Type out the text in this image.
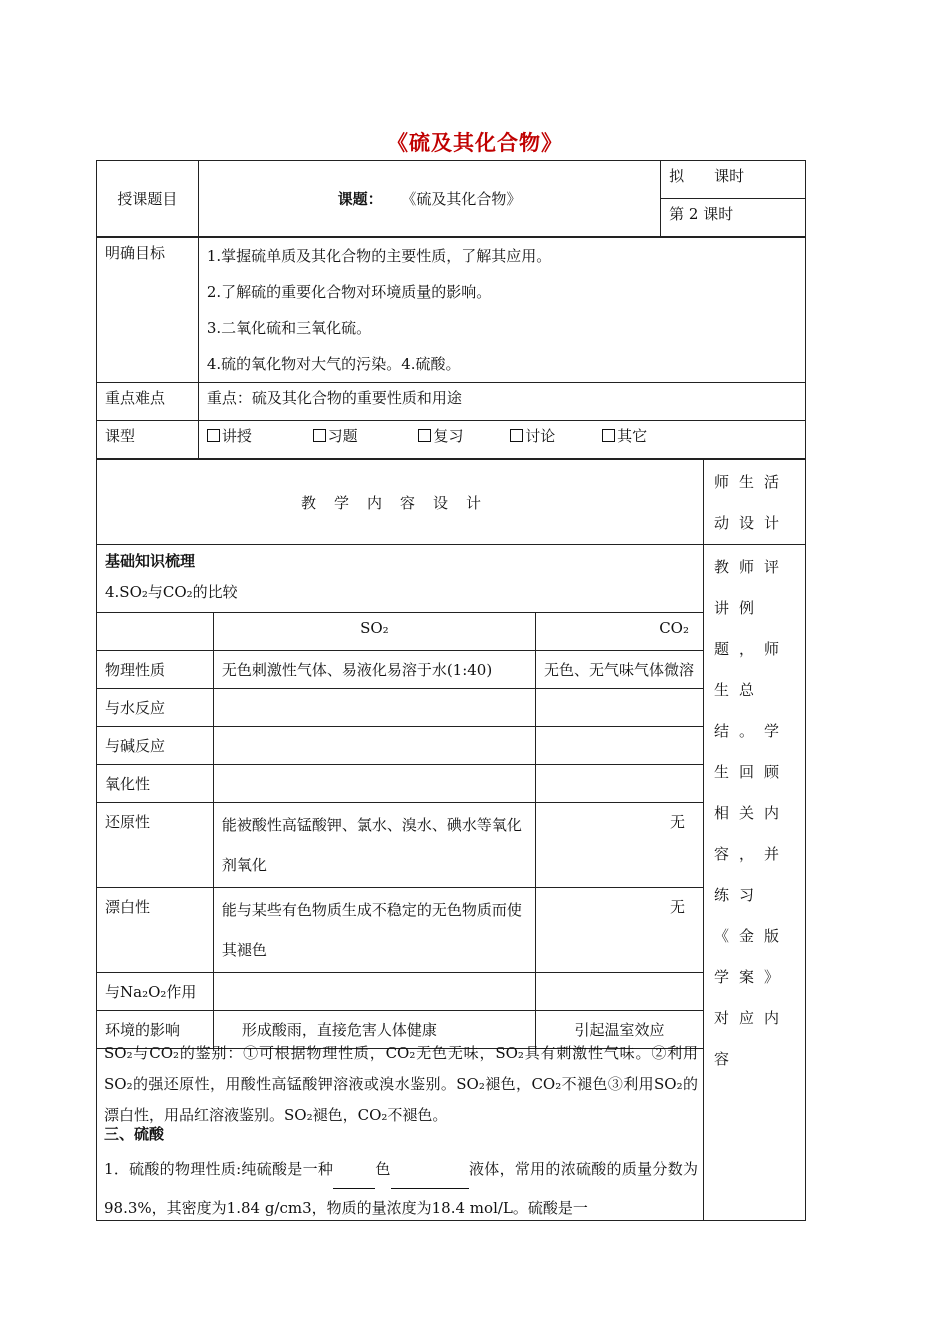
《硫及其化合物》
授课题目	课题： 《硫及其化合物》	拟　　课时
第 2 课时
明确目标	1.掌握硫单质及其化合物的主要性质，了解其应用。
2.了解硫的重要化合物对环境质量的影响。
3.二氧化硫和三氧化硫。
4.硫的氧化物对大气的污染。4.硫酸。

重点难点	重点：硫及其化合物的重要性质和用途
课型	讲授 习题 复习 讨论 其它
教学内容设计	师生活动设计

基础知识梳理
4.SO₂与CO₂的比较	教师评讲例题，师生总结。学生回顾相关内容，并练习《金版学案》对应内容
	SO₂	CO₂
物理性质	无色刺激性气体、易液化易溶于水(1:40)	无色、无气味气体微溶
与水反应		
与碱反应		
氧化性		
还原性	能被酸性高锰酸钾、氯水、溴水、碘水等氧化剂氧化	无
漂白性	能与某些有色物质生成不稳定的无色物质而使其褪色	无
与Na₂O₂作用		
环境的影响	形成酸雨，直接危害人体健康	引起温室效应
SO₂与CO₂的鉴别：①可根据物理性质，CO₂无色无味，SO₂具有刺激性气味。②利用SO₂的强还原性，用酸性高锰酸钾溶液或溴水鉴别。SO₂褪色，CO₂不褪色③利用SO₂的漂白性，用品红溶液鉴别。SO₂褪色，CO₂不褪色。
三、硫酸
1．硫酸的物理性质:纯硫酸是一种	色	液体，常用的浓硫酸的质量分数为98.3%，其密度为1.84 g/cm3，物质的量浓度为18.4 mol/L。硫酸是一
